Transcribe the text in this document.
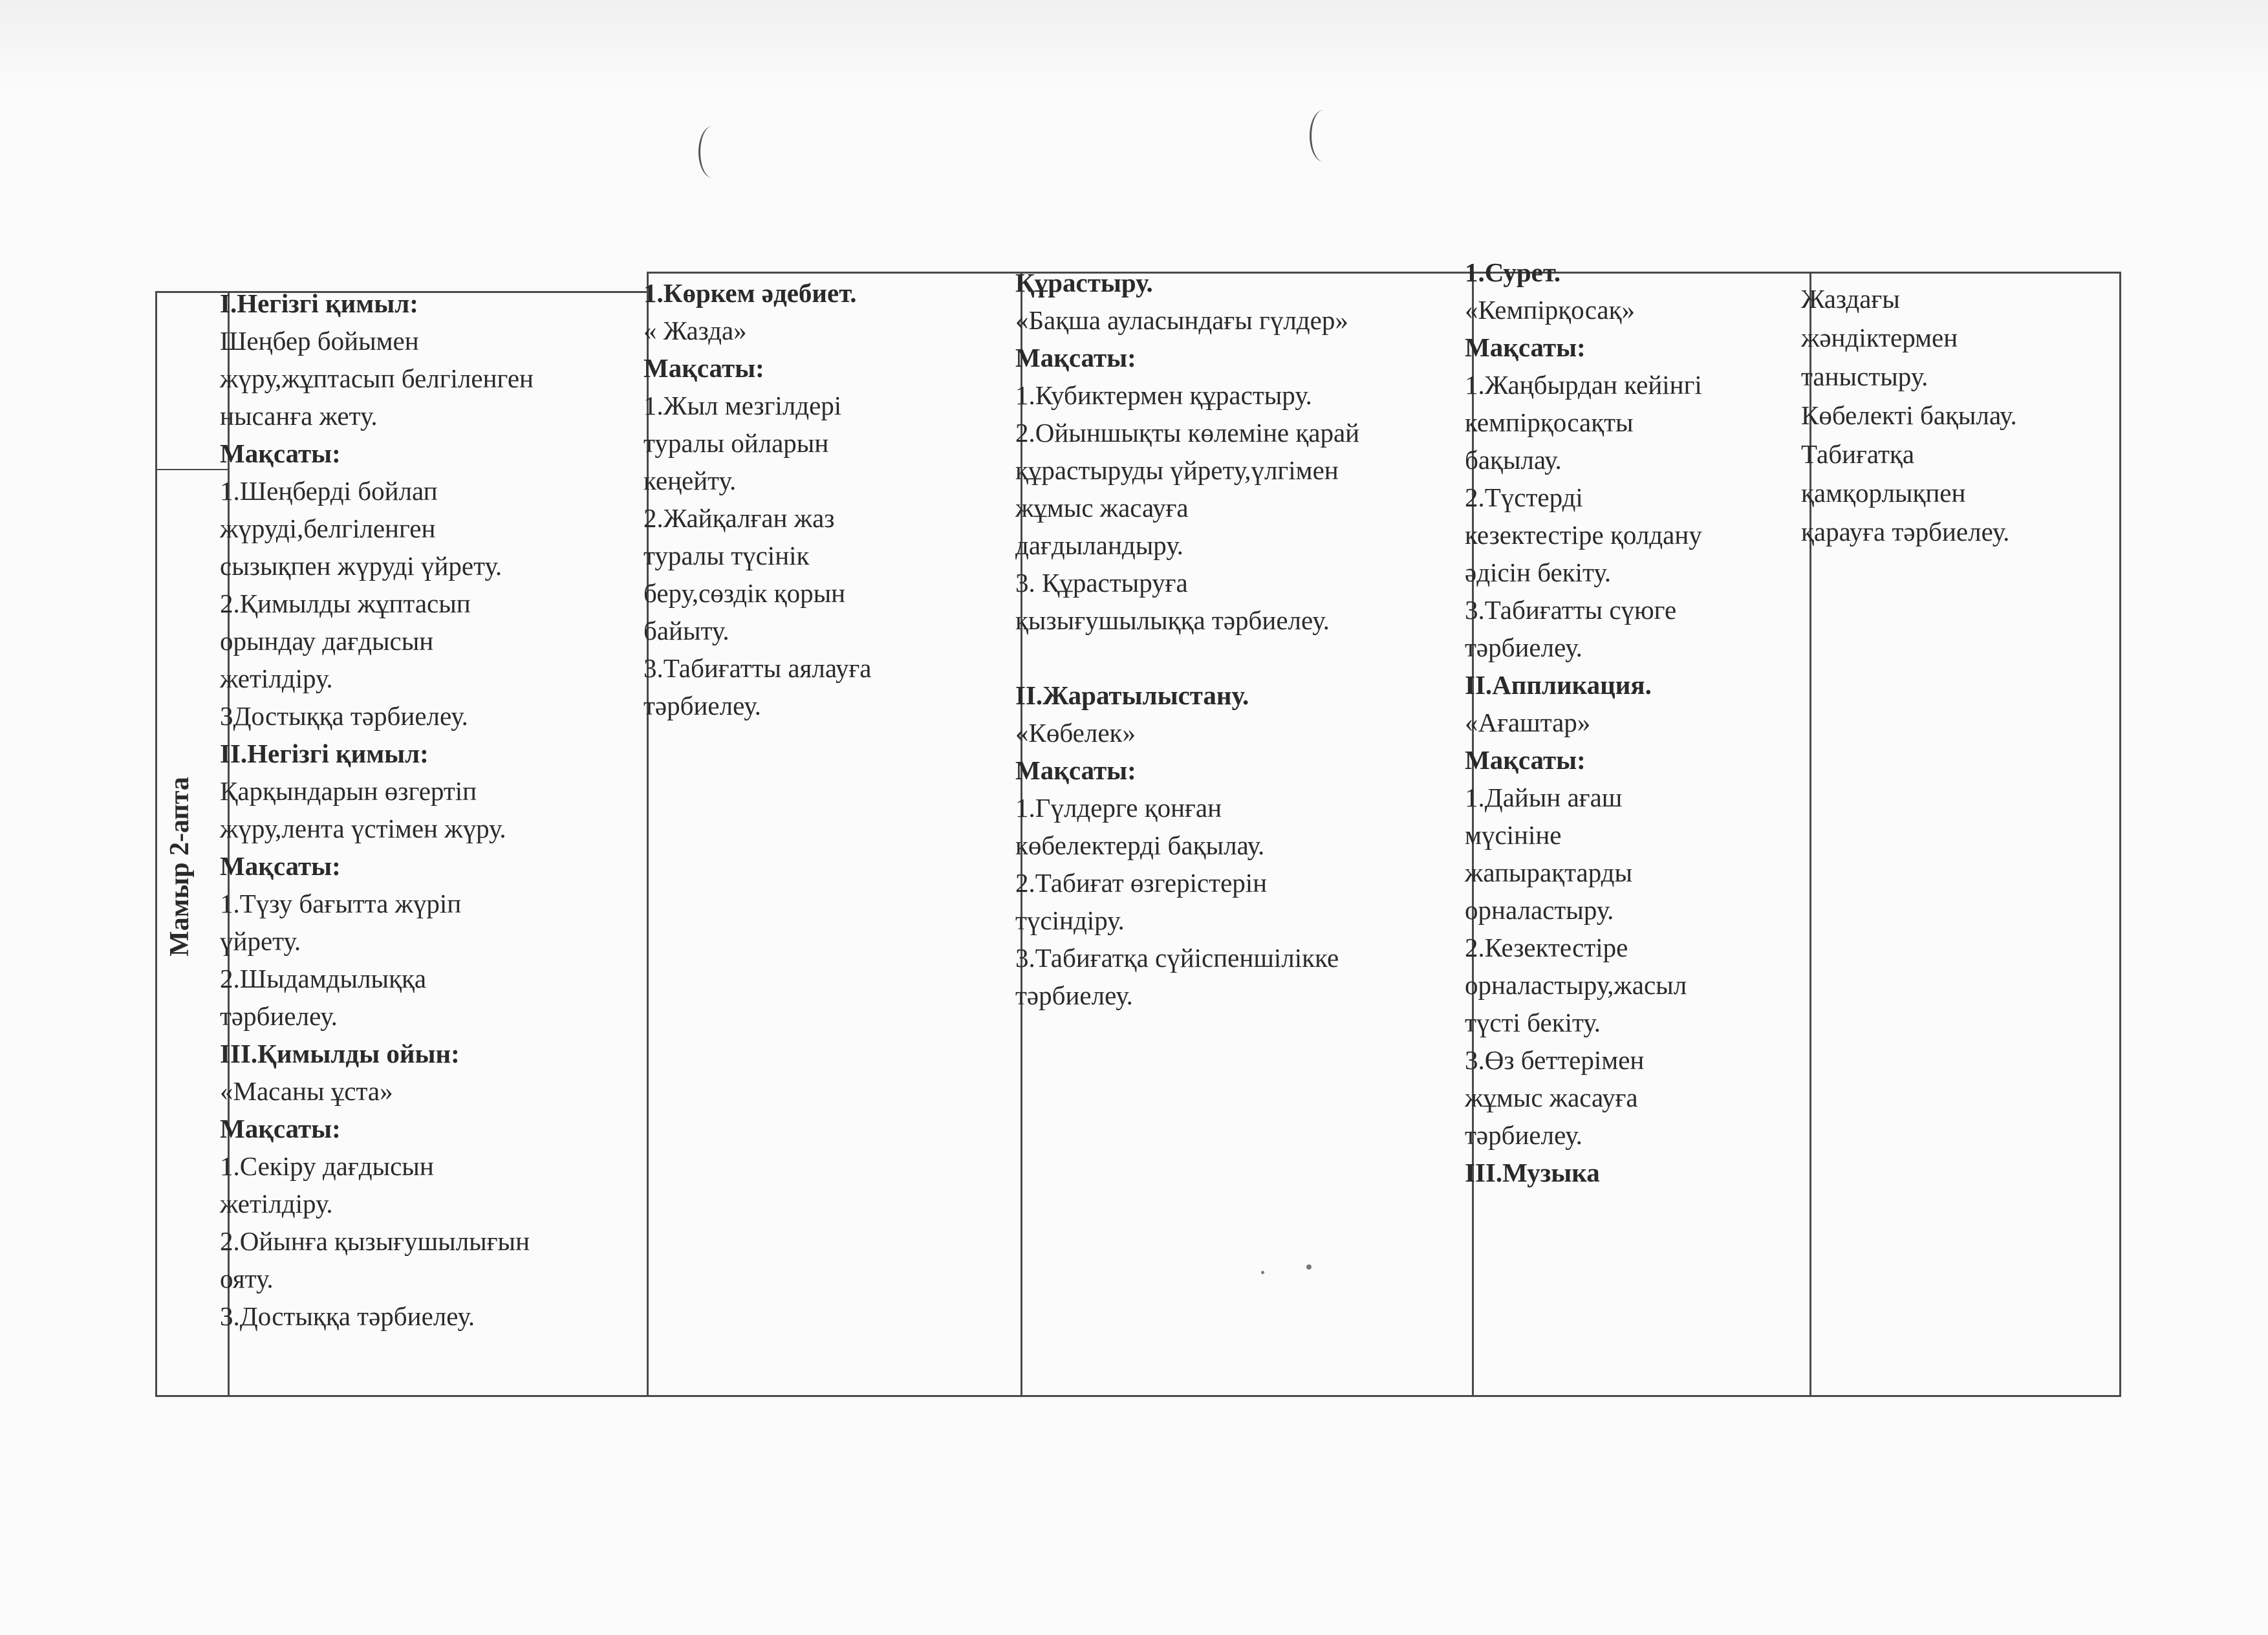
Мамыр 2-апта
І.Негізгі қимыл:
Шеңбер бойымен
жүру,жұптасып белгіленген
нысанға жету.
Мақсаты:
1.Шеңберді бойлап
жүруді,белгіленген
сызықпен жүруді үйрету.
2.Қимылды жұптасып
орындау дағдысын
жетілдіру.
3Достыққа тәрбиелеу.
ІІ.Негізгі қимыл:
Қарқындарын өзгертіп
жүру,лента үстімен жүру.
Мақсаты:
1.Түзу бағытта жүріп
үйрету.
2.Шыдамдылыққа
тәрбиелеу.
ІІІ.Қимылды ойын:
«Масаны ұста»
Мақсаты:
1.Секіру дағдысын
жетілдіру.
2.Ойынға қызығушылығын
ояту.
3.Достыққа тәрбиелеу.
1.Көркем әдебиет.
« Жазда»
Мақсаты:
1.Жыл мезгілдері
туралы ойларын
кеңейту.
2.Жайқалған жаз
туралы түсінік
беру,сөздік қорын
байыту.
3.Табиғатты аялауға
тәрбиелеу.
Құрастыру.
«Бақша ауласындағы гүлдер»
Мақсаты:
1.Кубиктермен құрастыру.
2.Ойыншықты көлеміне қарай
құрастыруды үйрету,үлгімен
жұмыс жасауға
дағдыландыру.
3. Құрастыруға
қызығушылыққа тәрбиелеу.

ІІ.Жаратылыстану.
«Көбелек»
Мақсаты:
1.Гүлдерге қонған
көбелектерді бақылау.
2.Табиғат өзгерістерін
түсіндіру.
3.Табиғатқа сүйіспеншілікке
тәрбиелеу.
1.Сурет.
«Кемпірқосақ»
Мақсаты:
1.Жаңбырдан кейінгі
кемпірқосақты
бақылау.
2.Түстерді
кезектестіре қолдану
әдісін бекіту.
3.Табиғатты сүюге
тәрбиелеу.
ІІ.Аппликация.
«Ағаштар»
Мақсаты:
1.Дайын ағаш
мүсініне
жапырақтарды
орналастыру.
2.Кезектестіре
орналастыру,жасыл
түсті бекіту.
3.Өз беттерімен
жұмыс жасауға
тәрбиелеу.
ІІІ.Музыка
Жаздағы
жәндіктермен
таныстыру.
Көбелекті бақылау.
Табиғатқа
қамқорлықпен
қарауға тәрбиелеу.
